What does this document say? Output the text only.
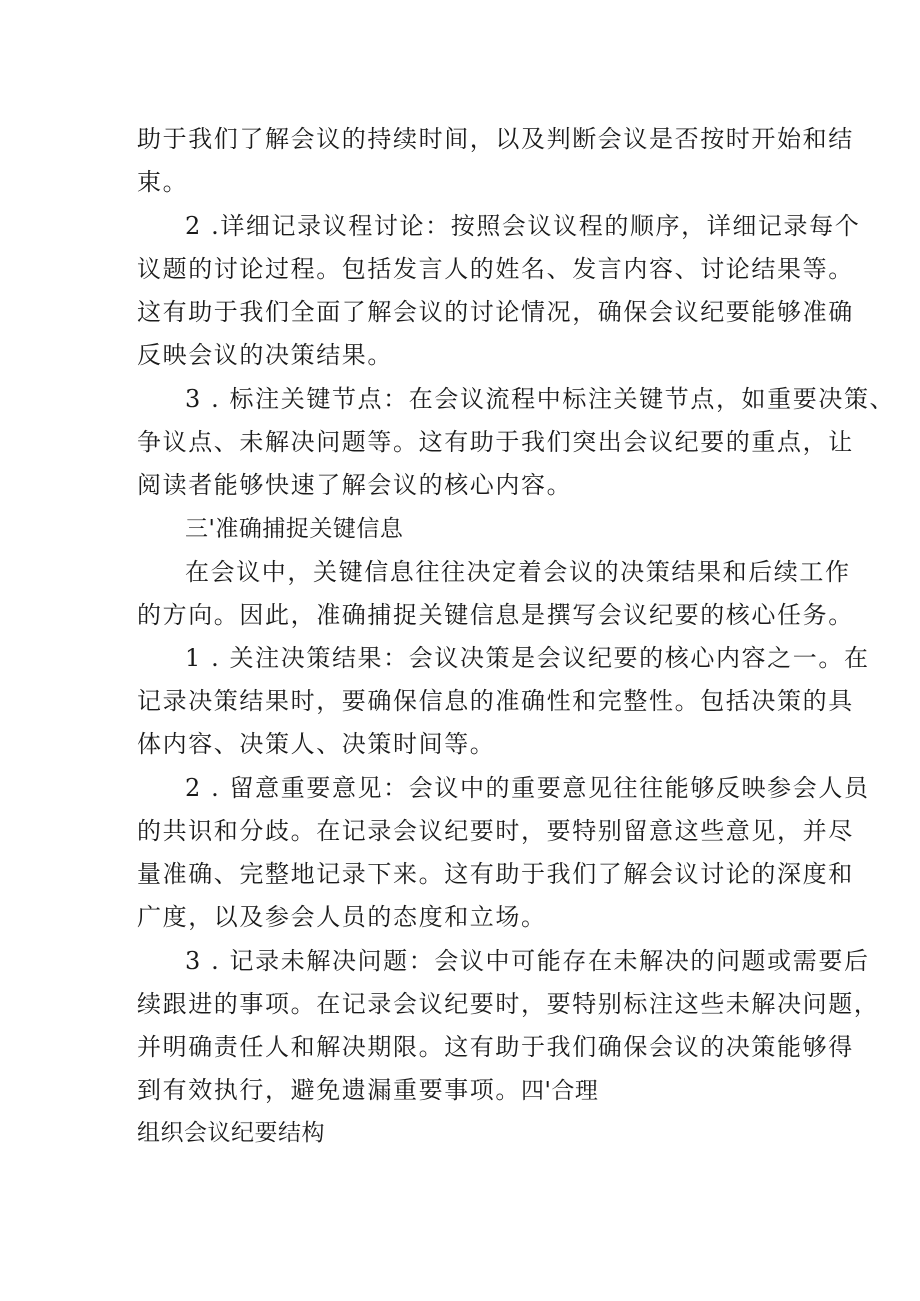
助于我们了解会议的持续时间，以及判断会议是否按时开始和结
束。
2 .详细记录议程讨论：按照会议议程的顺序，详细记录每个
议题的讨论过程。包括发言人的姓名、发言内容、讨论结果等。
这有助于我们全面了解会议的讨论情况，确保会议纪要能够准确
反映会议的决策结果。
3 . 标注关键节点：在会议流程中标注关键节点，如重要决策、
争议点、未解决问题等。这有助于我们突出会议纪要的重点，让
阅读者能够快速了解会议的核心内容。
三'准确捕捉关键信息
在会议中，关键信息往往决定着会议的决策结果和后续工作
的方向。因此，准确捕捉关键信息是撰写会议纪要的核心任务。
1 . 关注决策结果：会议决策是会议纪要的核心内容之一。在
记录决策结果时，要确保信息的准确性和完整性。包括决策的具
体内容、决策人、决策时间等。
2 . 留意重要意见：会议中的重要意见往往能够反映参会人员
的共识和分歧。在记录会议纪要时，要特别留意这些意见，并尽
量准确、完整地记录下来。这有助于我们了解会议讨论的深度和
广度，以及参会人员的态度和立场。
3 . 记录未解决问题：会议中可能存在未解决的问题或需要后
续跟进的事项。在记录会议纪要时，要特别标注这些未解决问题，
并明确责任人和解决期限。这有助于我们确保会议的决策能够得
到有效执行，避免遗漏重要事项。四'合理
组织会议纪要结构
